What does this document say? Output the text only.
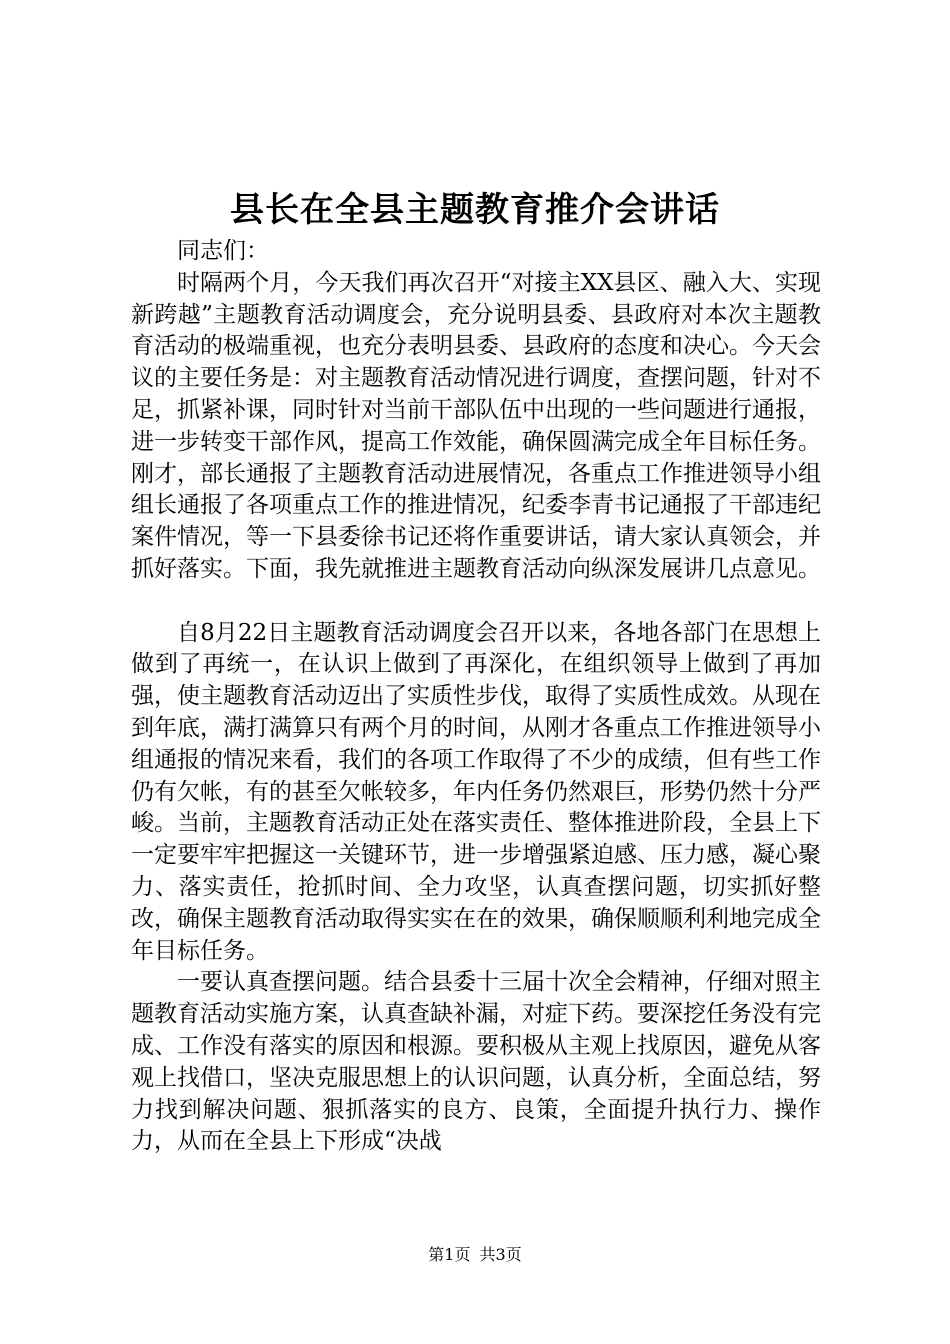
县长在全县主题教育推介会讲话

同志们：

时隔两个月，今天我们再次召开“对接主XX县区、融入大、实现新跨越”主题教育活动调度会，充分说明县委、县政府对本次主题教育活动的极端重视，也充分表明县委、县政府的态度和决心。今天会议的主要任务是：对主题教育活动情况进行调度，查摆问题，针对不足，抓紧补课，同时针对当前干部队伍中出现的一些问题进行通报，进一步转变干部作风，提高工作效能，确保圆满完成全年目标任务。刚才，部长通报了主题教育活动进展情况，各重点工作推进领导小组组长通报了各项重点工作的推进情况，纪委李青书记通报了干部违纪案件情况，等一下县委徐书记还将作重要讲话，请大家认真领会，并抓好落实。下面，我先就推进主题教育活动向纵深发展讲几点意见。

自8月22日主题教育活动调度会召开以来，各地各部门在思想上做到了再统一，在认识上做到了再深化，在组织领导上做到了再加强，使主题教育活动迈出了实质性步伐，取得了实质性成效。从现在到年底，满打满算只有两个月的时间，从刚才各重点工作推进领导小组通报的情况来看，我们的各项工作取得了不少的成绩，但有些工作仍有欠帐，有的甚至欠帐较多，年内任务仍然艰巨，形势仍然十分严峻。当前，主题教育活动正处在落实责任、整体推进阶段，全县上下一定要牢牢把握这一关键环节，进一步增强紧迫感、压力感，凝心聚力、落实责任，抢抓时间、全力攻坚，认真查摆问题，切实抓好整改，确保主题教育活动取得实实在在的效果，确保顺顺利利地完成全年目标任务。

一要认真查摆问题。结合县委十三届十次全会精神，仔细对照主题教育活动实施方案，认真查缺补漏，对症下药。要深挖任务没有完成、工作没有落实的原因和根源。要积极从主观上找原因，避免从客观上找借口，坚决克服思想上的认识问题，认真分析，全面总结，努力找到解决问题、狠抓落实的良方、良策，全面提升执行力、操作力，从而在全县上下形成“决战

第1页 共3页
